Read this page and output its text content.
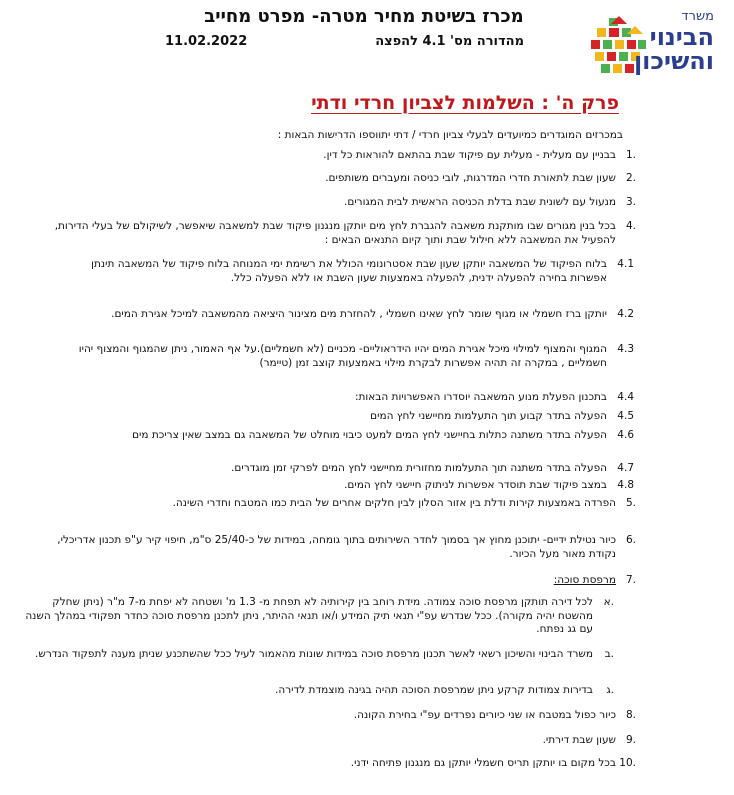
משרד
הבינוי
והשיכון
מכרז בשיטת מחיר מטרה- מפרט מחייב
מהדורה מס' 4.1 להפצה
11.02.2022
פרק ה' : השלמות לצביון חרדי ודתי
במכרזים המוגדרים כמיועדים לבעלי צביון חרדי / דתי יתווספו הדרישות הבאות :
1.
בבניין עם מעלית - מעלית עם פיקוד שבת בהתאם להוראות כל דין.
2.
שעון שבת לתאורת חדרי המדרגות, לובי כניסה ומעברים משותפים.
3.
מנעול עם לשונית שבת בדלת הכניסה הראשית לבית המגורים.
4.
בכל בנין מגורים שבו מותקנת משאבה להגברת לחץ מים יותקן מנגנון פיקוד שבת למשאבה שיאפשר, לשיקולם של בעלי הדירות, להפעיל את המשאבה ללא חילול שבת ותוך קיום התנאים הבאים :
4.1
בלוח הפיקוד של המשאבה יותקן שעון שבת אסטרונומי הכולל את רשימת ימי המנוחה בלוח פיקוד של המשאבה תינתן אפשרות בחירה להפעלה ידנית, להפעלה באמצעות שעון השבת או ללא הפעלה כלל.
4.2
יותקן ברז חשמלי או מגוף שומר לחץ שאינו חשמלי , להחזרת מים מצינור היציאה מהמשאבה למיכל אגירת המים.
4.3
המגוף והמצוף למילוי מיכל אגירת המים יהיו הידראוליים- מכניים (לא חשמליים).על אף האמור, ניתן שהמגוף והמצוף יהיו חשמליים , במקרה זה תהיה אפשרות לבקרת מילוי באמצעות קוצב זמן (טיימר)
4.4
בתכנון הפעלת מנוע המשאבה יוסדרו האפשרויות הבאות:
4.5
הפעלה בתדר קבוע תוך התעלמות מחיישני לחץ המים
4.6
הפעלה בתדר משתנה כתלות בחיישני לחץ המים למעט כיבוי מוחלט של המשאבה גם במצב שאין צריכת מים
4.7
הפעלה בתדר משתנה תוך התעלמות מחזורית מחיישני לחץ המים לפרקי זמן מוגדרים.
4.8
במצב פיקוד שבת תוסדר אפשרות לניתוק חיישני לחץ המים.
5.
הפרדה באמצעות קירות ודלת בין אזור הסלון לבין חלקים אחרים של הבית כמו המטבח וחדרי השינה.
6.
כיור נטילת ידיים- יתוכנן מחוץ אך בסמוך לחדר השירותים בתוך גומחה, במידות של כ-25/40 ס"מ, חיפוי קיר ע"פ תכנון אדריכלי, נקודת מאור מעל הכיור.
7.
מרפסת סוכה:
א.
לכל דירה תותקן מרפסת סוכה צמודה. מידת רוחב בין קירותיה לא תפחת מ- 1.3 מ' ושטחה לא יפחת מ-7 מ"ר (ניתן שחלק מהשטח יהיה מקורה). ככל שנדרש עפ"י תנאי תיק המידע ו/או תנאי ההיתר, ניתן לתכנן מרפסת סוכה כחדר תפקודי במהלך השנה עם גג נפתח.
ב.
משרד הבינוי והשיכון רשאי לאשר תכנון מרפסת סוכה במידות שונות מהאמור לעיל ככל שהשתכנע שניתן מענה לתפקוד הנדרש.
ג.
בדירות צמודות קרקע ניתן שמרפסת הסוכה תהיה בגינה מוצמדת לדירה.
8.
כיור כפול במטבח או שני כיורים נפרדים עפ"י בחירת הקונה.
9.
שעון שבת דירתי.
10.
בכל מקום בו יותקן תריס חשמלי יותקן גם מנגנון פתיחה ידני.
